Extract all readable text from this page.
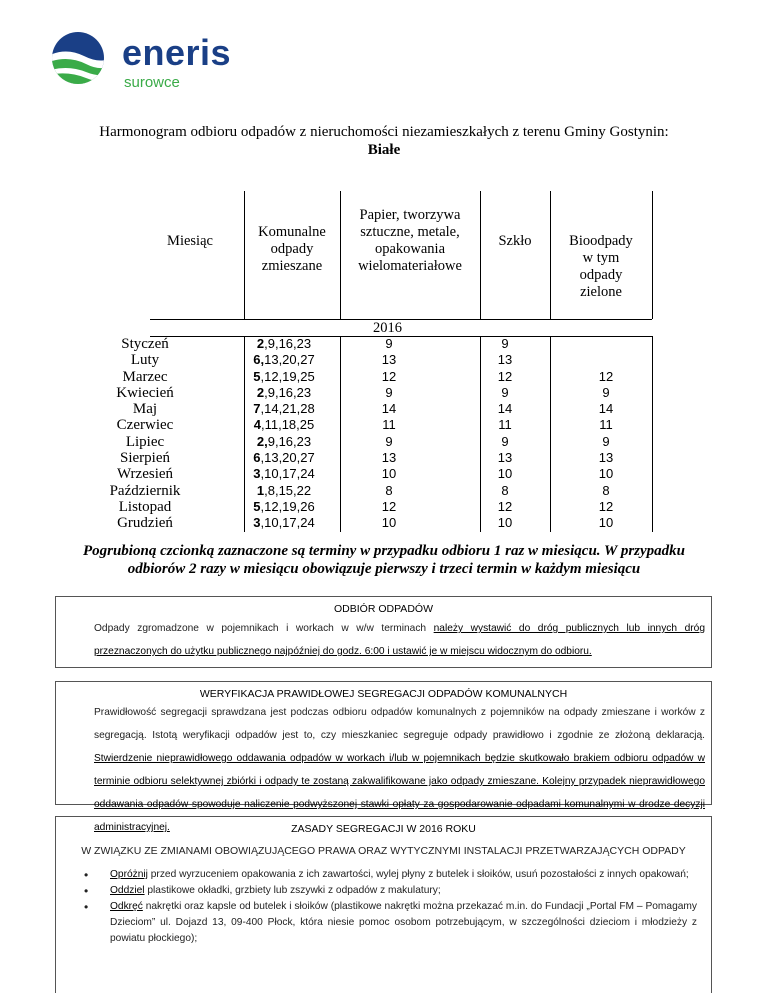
eneris
surowce
Harmonogram odbioru odpadów z nieruchomości niezamieszkałych z terenu Gminy Gostynin:
Białe
Miesiąc
Komunalne
odpady
zmieszane
Papier, tworzywa
sztuczne, metale,
opakowania
wielomateriałowe
Szkło	Bioodpady
w tym
odpady
zielone
2016
Styczeń	2,9,16,23	9	9
Luty	6,13,20,27	13	13
Marzec	5,12,19,25	12	12	12
Kwiecień	2,9,16,23	9	9	9
Maj	7,14,21,28	14	14	14
Czerwiec	4,11,18,25	11	11	11
Lipiec	2,9,16,23	9	9	9
Sierpień	6,13,20,27	13	13	13
Wrzesień	3,10,17,24	10	10	10
Październik	1,8,15,22	8	8	8
Listopad	5,12,19,26	12	12	12
Grudzień	3,10,17,24	10	10	10
Pogrubioną czcionką zaznaczone są terminy w przypadku odbioru 1 raz w miesiącu. W przypadku
odbiorów 2 razy w miesiącu obowiązuje pierwszy i trzeci termin w każdym miesiącu
ODBIÓR ODPADÓW

Odpady zgromadzone w pojemnikach i workach w w/w terminach należy wystawić do dróg publicznych lub innych dróg przeznaczonych do użytku publicznego najpóźniej do godz. 6:00 i ustawić je w miejscu widocznym do odbioru.

WERYFIKACJA PRAWIDŁOWEJ SEGREGACJI ODPADÓW KOMUNALNYCH

Prawidłowość segregacji sprawdzana jest podczas odbioru odpadów komunalnych z pojemników na odpady zmieszane i worków z segregacją. Istotą weryfikacji odpadów jest to, czy mieszkaniec segreguje odpady prawidłowo i zgodnie ze złożoną deklaracją. Stwierdzenie nieprawidłowego oddawania odpadów w workach i/lub w pojemnikach będzie skutkowało brakiem odbioru odpadów w terminie odbioru selektywnej zbiórki i odpady te zostaną zakwalifikowane jako odpady zmieszane. Kolejny przypadek nieprawidłowego oddawania odpadów spowoduje naliczenie podwyższonej stawki opłaty za gospodarowanie odpadami komunalnymi w drodze decyzji administracyjnej.	ZASADY SEGREGACJI W 2016 ROKU
W ZWIĄZKU ZE ZMIANAMI OBOWIĄZUJĄCEGO PRAWA ORAZ WYTYCZNYMI INSTALACJI PRZETWARZAJĄCYCH ODPADY
• Opróżnij przed wyrzuceniem opakowania z ich zawartości, wylej płyny z butelek i słoików, usuń pozostałości z innych opakowań;
• Oddziel plastikowe okładki, grzbiety lub zszywki z odpadów z makulatury;
• Odkręć nakrętki oraz kapsle od butelek i słoików (plastikowe nakrętki można przekazać m.in. do Fundacji „Portal FM – Pomagamy Dzieciom” ul. Dojazd 13, 09-400 Płock, która niesie pomoc osobom potrzebującym, w szczególności dzieciom i młodzieży z powiatu płockiego);
